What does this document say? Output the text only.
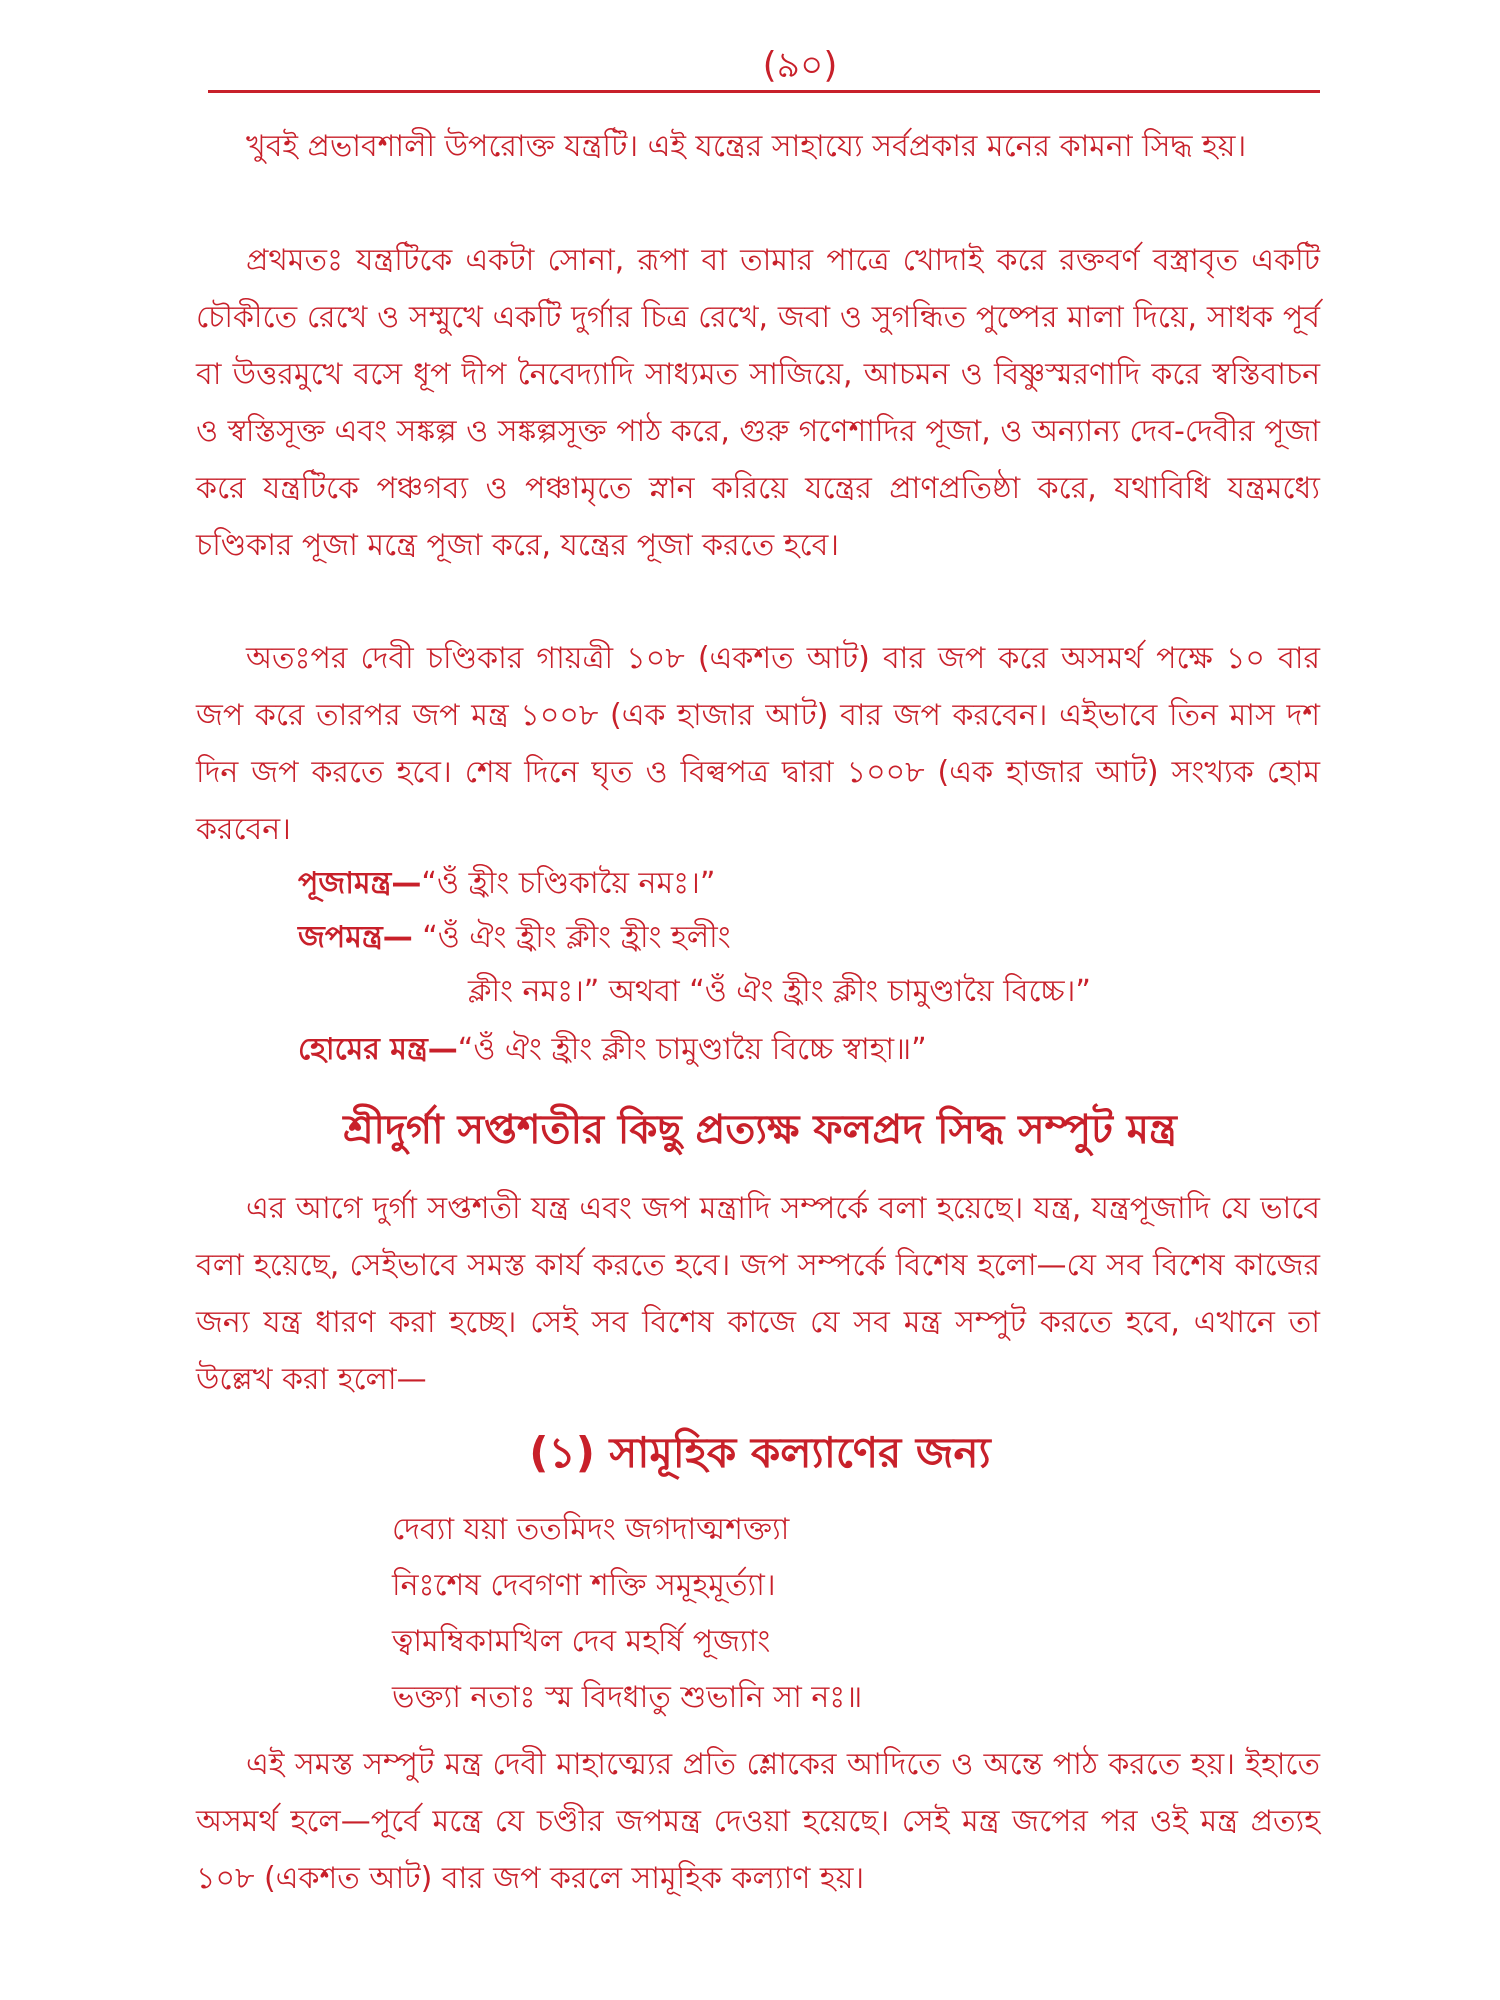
(৯০)

খুবই প্রভাবশালী উপরোক্ত যন্ত্রটি। এই যন্ত্রের সাহায্যে সর্বপ্রকার মনের কামনা সিদ্ধ হয়।

প্রথমতঃ যন্ত্রটিকে একটা সোনা, রূপা বা তামার পাত্রে খোদাই করে রক্তবর্ণ বস্ত্রাবৃত একটি চৌকীতে রেখে ও সম্মুখে একটি দুর্গার চিত্র রেখে, জবা ও সুগন্ধিত পুষ্পের মালা দিয়ে, সাধক পূর্ব বা উত্তরমুখে বসে ধূপ দীপ নৈবেদ্যাদি সাধ্যমত সাজিয়ে, আচমন ও বিষ্ণুস্মরণাদি করে স্বস্তিবাচন ও স্বস্তিসূক্ত এবং সঙ্কল্প ও সঙ্কল্পসূক্ত পাঠ করে, গুরু গণেশাদির পূজা, ও অন্যান্য দেব-দেবীর পূজা করে যন্ত্রটিকে পঞ্চগব্য ও পঞ্চামৃতে স্নান করিয়ে যন্ত্রের প্রাণপ্রতিষ্ঠা করে, যথাবিধি যন্ত্রমধ্যে চণ্ডিকার পূজা মন্ত্রে পূজা করে, যন্ত্রের পূজা করতে হবে।

অতঃপর দেবী চণ্ডিকার গায়ত্রী ১০৮ (একশত আট) বার জপ করে অসমর্থ পক্ষে ১০ বার জপ করে তারপর জপ মন্ত্র ১০০৮ (এক হাজার আট) বার জপ করবেন। এইভাবে তিন মাস দশ দিন জপ করতে হবে। শেষ দিনে ঘৃত ও বিল্বপত্র দ্বারা ১০০৮ (এক হাজার আট) সংখ্যক হোম করবেন।

পূজামন্ত্র—“ওঁ হ্রীং চণ্ডিকায়ৈ নমঃ।”
জপমন্ত্র— “ওঁ ঐং হ্রীং ক্লীং হ্রীং হলীং
ক্লীং নমঃ।” অথবা “ওঁ ঐং হ্রীং ক্লীং চামুণ্ডায়ৈ বিচ্চে।”
হোমের মন্ত্র—“ওঁ ঐং হ্রীং ক্লীং চামুণ্ডায়ৈ বিচ্চে স্বাহা॥”
শ্রীদুর্গা সপ্তশতীর কিছু প্রত্যক্ষ ফলপ্রদ সিদ্ধ সম্পুট মন্ত্র

এর আগে দুর্গা সপ্তশতী যন্ত্র এবং জপ মন্ত্রাদি সম্পর্কে বলা হয়েছে। যন্ত্র, যন্ত্রপূজাদি যে ভাবে বলা হয়েছে, সেইভাবে সমস্ত কার্য করতে হবে। জপ সম্পর্কে বিশেষ হলো—যে সব বিশেষ কাজের জন্য যন্ত্র ধারণ করা হচ্ছে। সেই সব বিশেষ কাজে যে সব মন্ত্র সম্পুট করতে হবে, এখানে তা উল্লেখ করা হলো—

(১) সামূহিক কল্যাণের জন্য
দেব্যা যয়া ততমিদং জগদাত্মশক্ত্যা
নিঃশেষ দেবগণা শক্তি সমূহমূর্ত্যা।
ত্বামম্বিকামখিল দেব মহর্ষি পূজ্যাং
ভক্ত্যা নতাঃ স্ম বিদধাতু শুভানি সা নঃ॥

এই সমস্ত সম্পুট মন্ত্র দেবী মাহাত্ম্যের প্রতি শ্লোকের আদিতে ও অন্তে পাঠ করতে হয়। ইহাতে অসমর্থ হলে—পূর্বে মন্ত্রে যে চণ্ডীর জপমন্ত্র দেওয়া হয়েছে। সেই মন্ত্র জপের পর ওই মন্ত্র প্রত্যহ ১০৮ (একশত আট) বার জপ করলে সামূহিক কল্যাণ হয়।
